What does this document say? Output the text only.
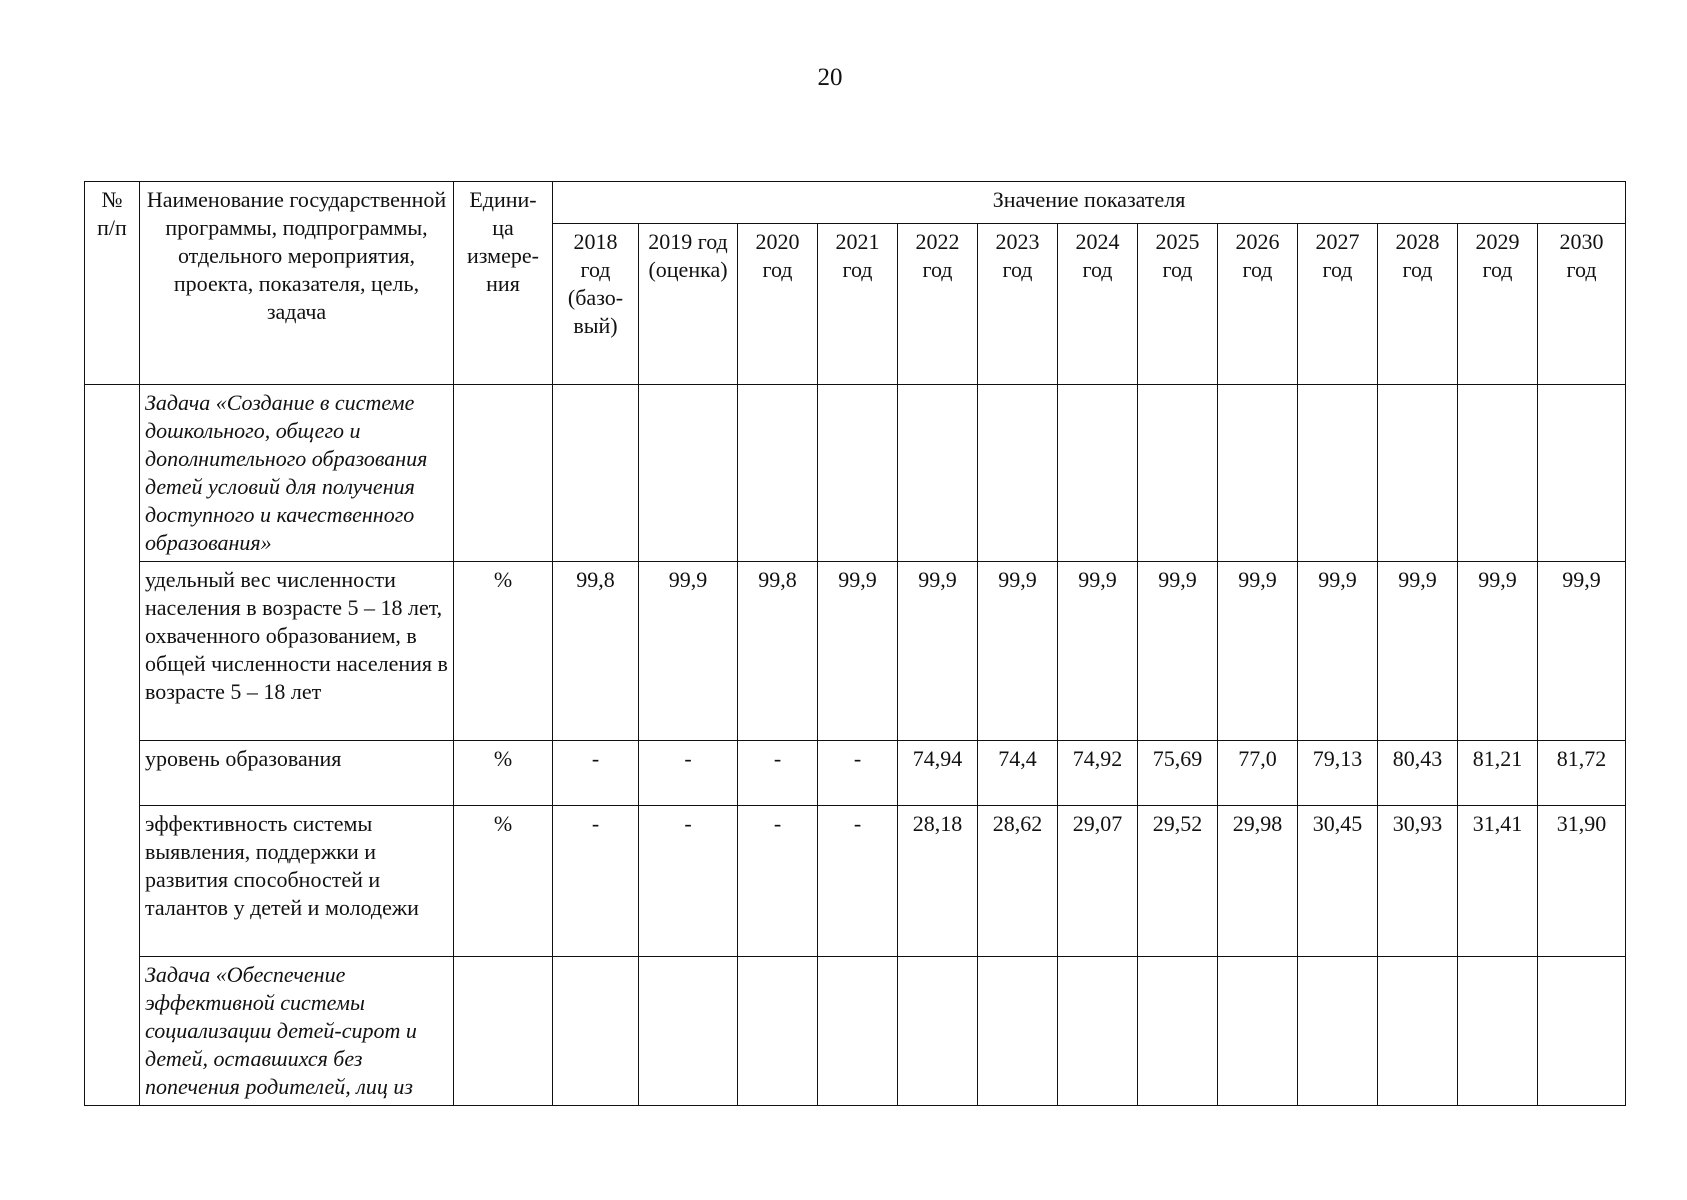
20
№ п/п	Наименование государственной программы, подпрограммы, отдельного мероприятия, проекта, показателя, цель, задача	Едини-ца измере-ния	Значение показателя												
			2018 год (базо-вый)	2019 год (оценка)	2020 год	2021 год	2022 год	2023 год	2024 год	2025 год	2026 год	2027 год	2028 год	2029 год	2030 год
	Задача «Создание в системе дошкольного, общего и дополнительного образования детей условий для получения доступного и качественного образования»														
	удельный вес численности населения в возрасте 5 – 18 лет, охваченного образованием, в общей численности населения в возрасте 5 – 18 лет	%	99,8	99,9	99,8	99,9	99,9	99,9	99,9	99,9	99,9	99,9	99,9	99,9	99,9
	уровень образования	%	-	-	-	-	74,94	74,4	74,92	75,69	77,0	79,13	80,43	81,21	81,72
	эффективность системы выявления, поддержки и развития способностей и талантов у детей и молодежи	%	-	-	-	-	28,18	28,62	29,07	29,52	29,98	30,45	30,93	31,41	31,90
	Задача «Обеспечение эффективной системы социализации детей-сирот и детей, оставшихся без попечения родителей, лиц из														
